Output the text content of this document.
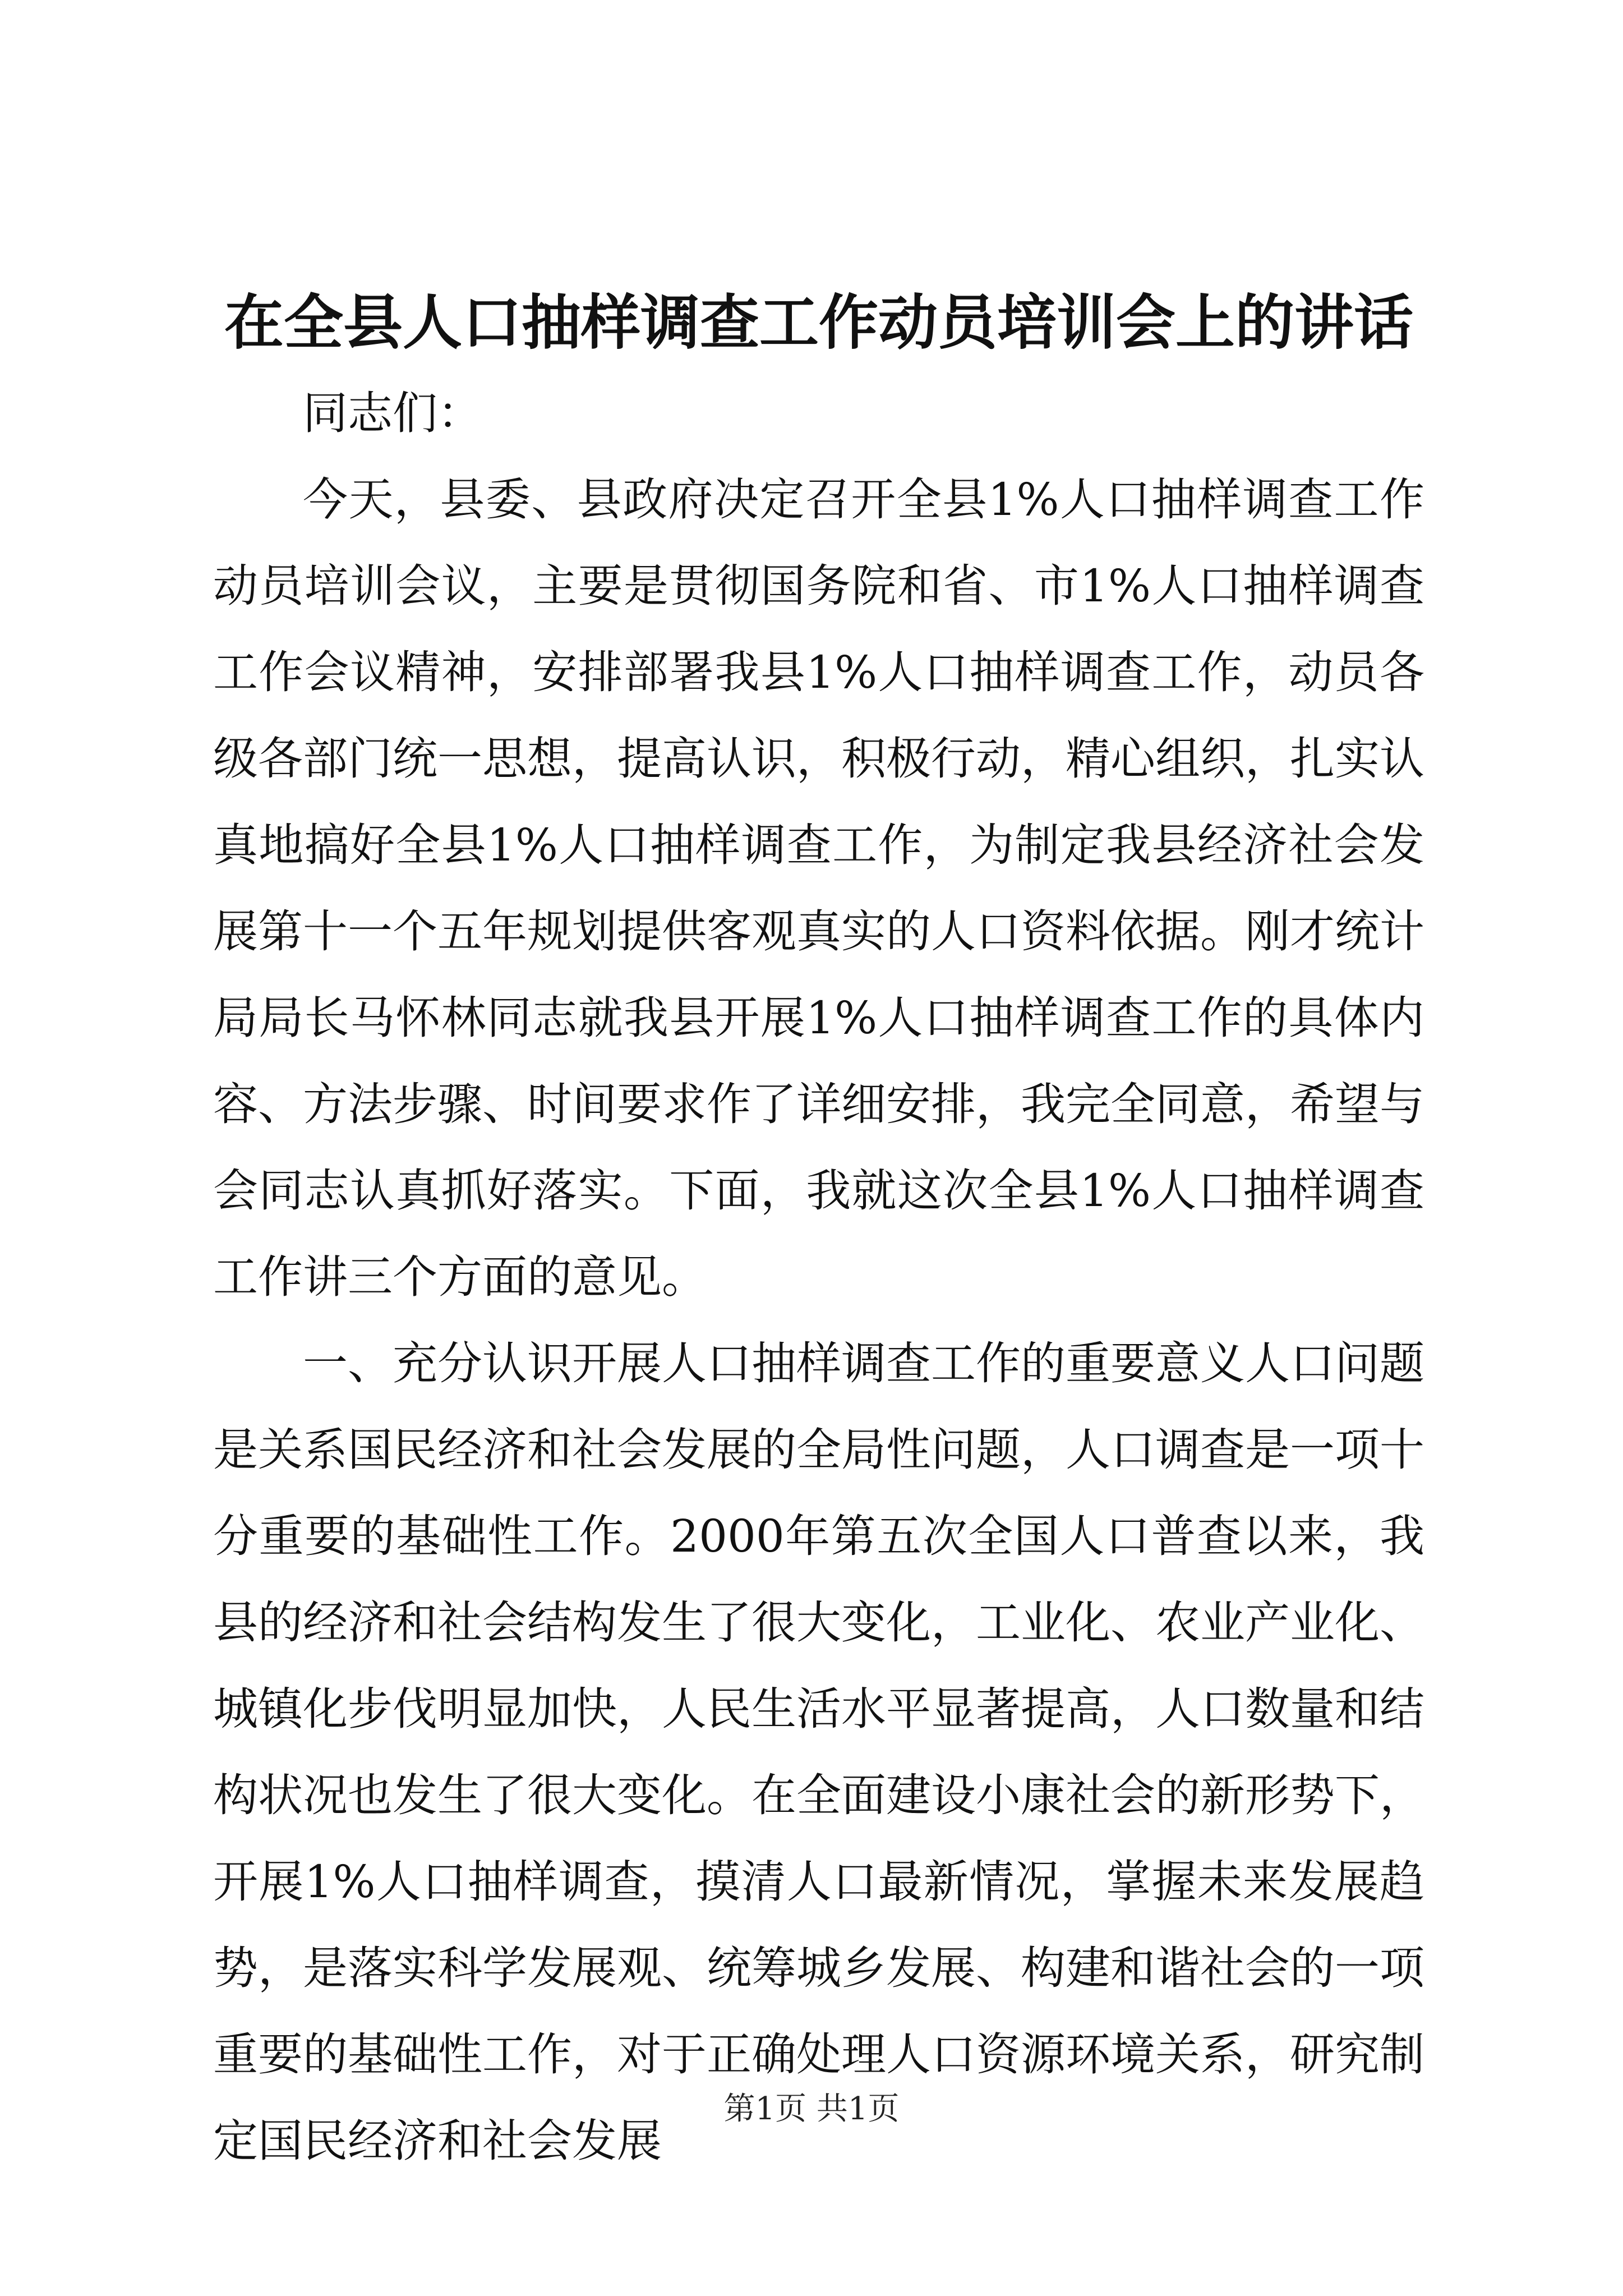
在全县人口抽样调查工作动员培训会上的讲话

同志们：

今天，县委、县政府决定召开全县1%人口抽样调查工作动员培训会议，主要是贯彻国务院和省、市1%人口抽样调查工作会议精神，安排部署我县1%人口抽样调查工作，动员各级各部门统一思想，提高认识，积极行动，精心组织，扎实认真地搞好全县1%人口抽样调查工作，为制定我县经济社会发展第十一个五年规划提供客观真实的人口资料依据。刚才统计局局长马怀林同志就我县开展1%人口抽样调查工作的具体内容、方法步骤、时间要求作了详细安排，我完全同意，希望与会同志认真抓好落实。下面，我就这次全县1%人口抽样调查工作讲三个方面的意见。

一、充分认识开展人口抽样调查工作的重要意义人口问题是关系国民经济和社会发展的全局性问题，人口调查是一项十分重要的基础性工作。2000年第五次全国人口普查以来，我县的经济和社会结构发生了很大变化，工业化、农业产业化、城镇化步伐明显加快，人民生活水平显著提高，人口数量和结构状况也发生了很大变化。在全面建设小康社会的新形势下，开展1%人口抽样调查，摸清人口最新情况，掌握未来发展趋势，是落实科学发展观、统筹城乡发展、构建和谐社会的一项重要的基础性工作，对于正确处理人口资源环境关系，研究制定国民经济和社会发展

第1页 共1页
